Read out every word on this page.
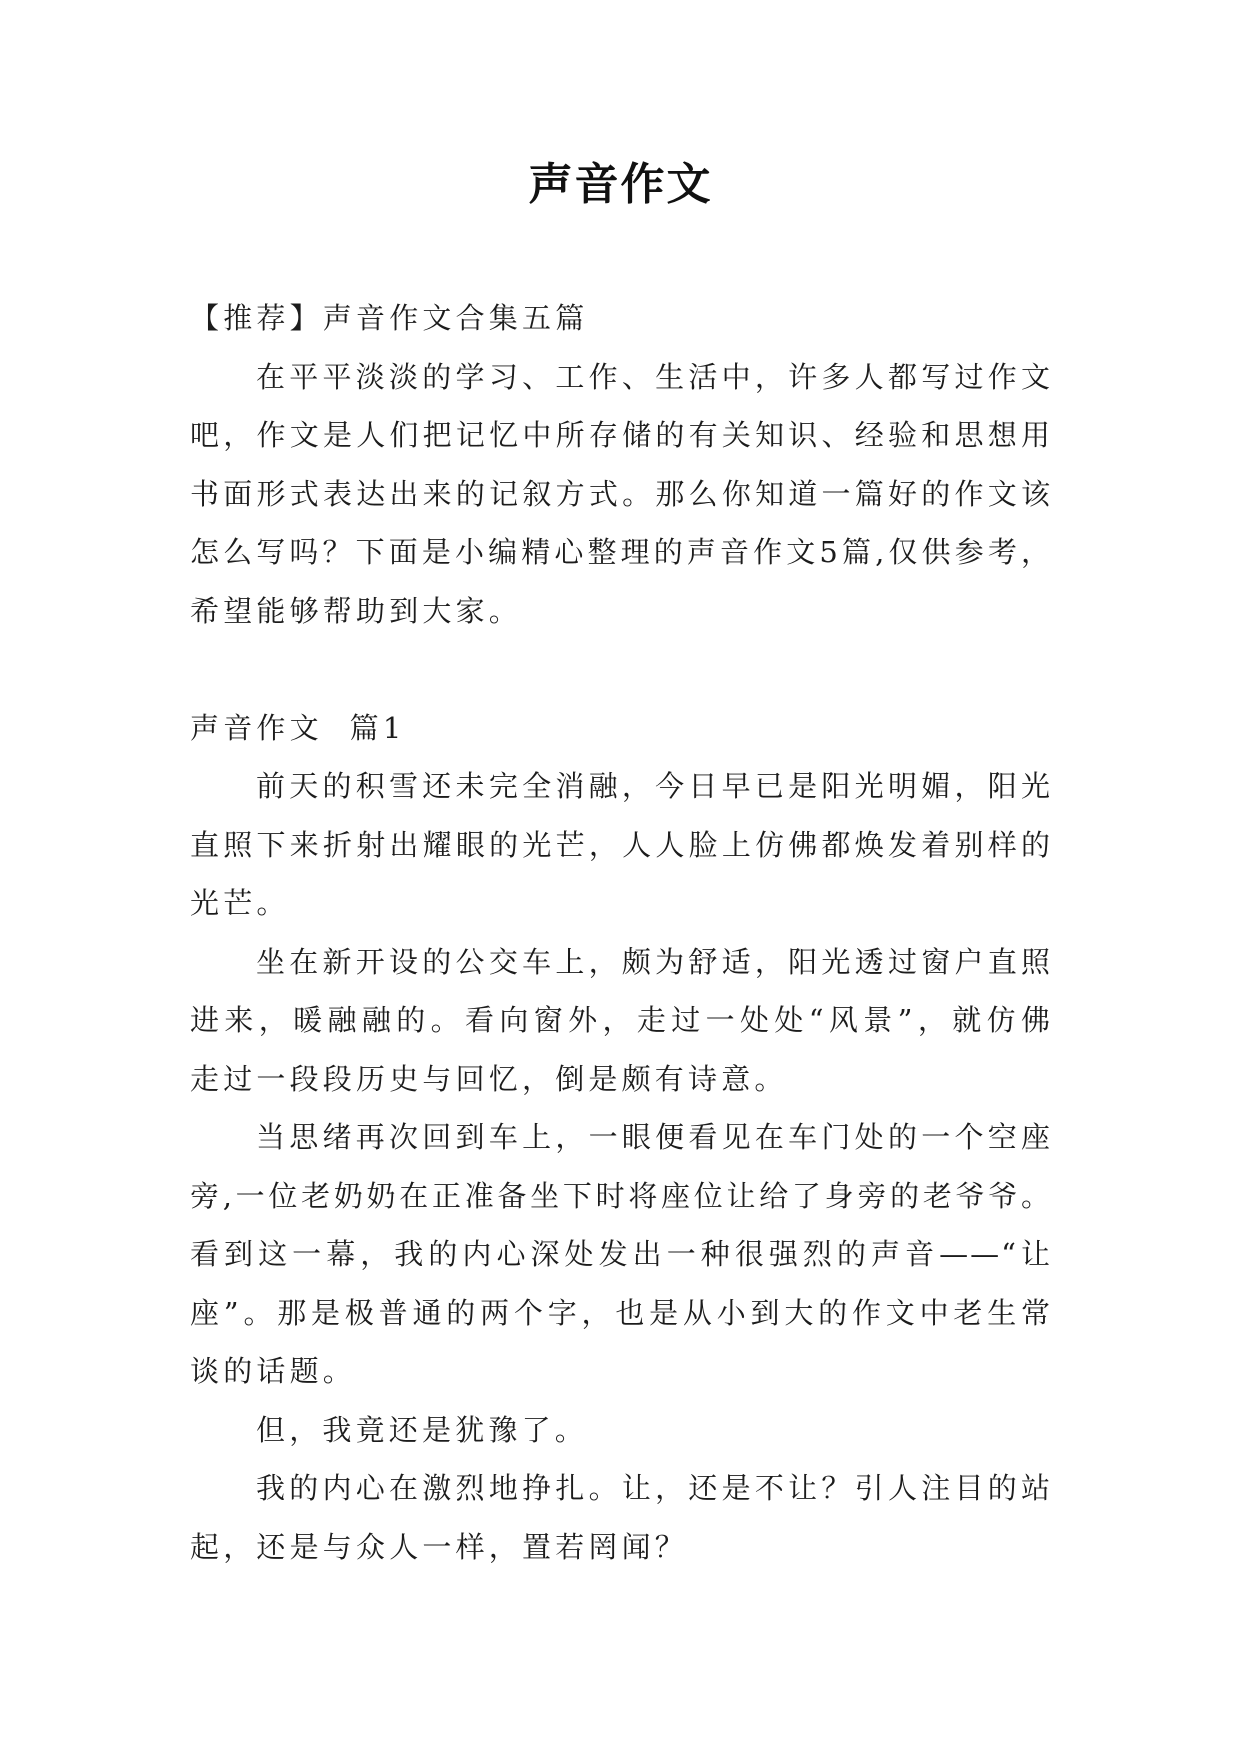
声音作文
【推荐】声音作文合集五篇
在平平淡淡的学习、工作、生活中，许多人都写过作文
吧，作文是人们把记忆中所存储的有关知识、经验和思想用
书面形式表达出来的记叙方式。那么你知道一篇好的作文该
怎么写吗？下面是小编精心整理的声音作文5篇,仅供参考，
希望能够帮助到大家。
声音作文  篇1
前天的积雪还未完全消融，今日早已是阳光明媚，阳光
直照下来折射出耀眼的光芒，人人脸上仿佛都焕发着别样的
光芒。
坐在新开设的公交车上，颇为舒适，阳光透过窗户直照
进来，暖融融的。看向窗外，走过一处处“风景”，就仿佛
走过一段段历史与回忆，倒是颇有诗意。
当思绪再次回到车上，一眼便看见在车门处的一个空座
旁,一位老奶奶在正准备坐下时将座位让给了身旁的老爷爷。
看到这一幕，我的内心深处发出一种很强烈的声音——“让
座”。那是极普通的两个字，也是从小到大的作文中老生常
谈的话题。
但，我竟还是犹豫了。
我的内心在激烈地挣扎。让，还是不让？引人注目的站
起，还是与众人一样，置若罔闻？
